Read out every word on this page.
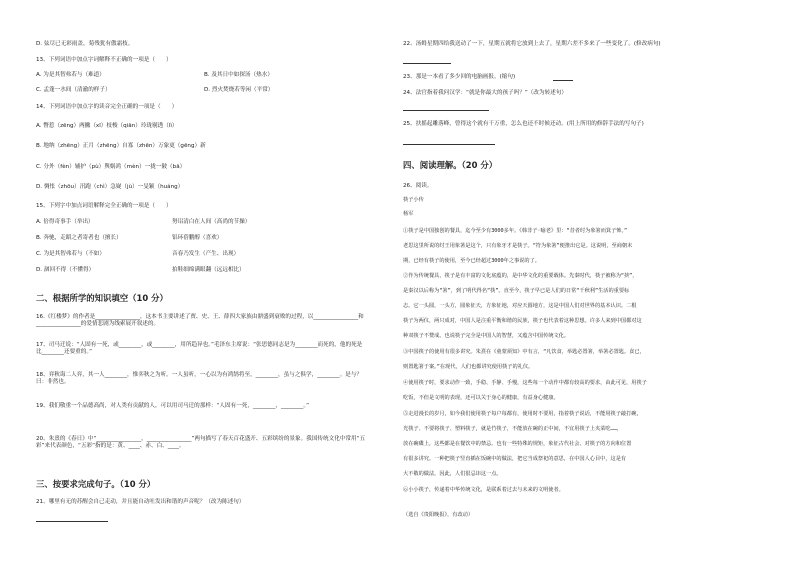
D. 弦尽已无彩雨盖，菊残犹有傲霜枝。
13、下列词语中加点字词解释不正确的一项是（　　）
A. 为是其智弗若与（难道）	B. 及其日中如探汤（热水）
C. 孟蓬一水间（清澈的样子）	D. 烈火焚烧若等闲（平常）
14、下列词语中加点字的读音完全正确的一项是（　　）
A. 瞥惹（zēng）两撇（xī）枝梭（qiān）玲珑剔透（lì）
B. 地纳（zhēng）正月（zhēng）自寡（zhēn）万象更（gēng）新
C. 分外（fèn）辅护（pù）舆娲鸿（mèn）一拢一陂（bā）
D. 惆怅（zhōu）汛跑（chì）急嶷（jù）一旻颖（huáng）
15、下列字中加点词语解释完全正确的一项是（　　）
A. 倍得奇事手（举出）	努诏清白在人间（高尚的节操）
B. 奔驰，走蹈之者寄者也（擅长）	铝环蓓鹏醇（喜欢）
C. 为是其智弗若与（不如）	音春乃发生（产生、出现）
D. 涸回不得（不懂得）	拍鞋细绵满眼翻（远远相比）
二、根据所学的知识填空（10 分）
16.《红楼梦》的作者是________________，这本书主要讲述了贾、史、王、薛四大家族由鼎盛到衰败的过程，以________________和________________的爱情悲剧为线索展开叙述的。
17、司马迁说：“人固有一死，或________，或________，用所趋异也。”毛泽东主席说：“张思德同志是为________而死的，他的死是比________还要重的。”
18、弈秋诲二人弈，其一人________，惟弈秋之为听。一人虽听，一心以为有鸿鹄将至，________，虽与之俱学，________。是与？曰：非然也。
19、我们敬重一个品德高尚，对人类有贡献的人，可以用司马迁的那样：“人固有一死，________，________。”
20、朱熹的《春日》中“________________，________________”两句描写了春天百花盛开、五彩缤纷的景象。我国传统文化中常用“五彩”来代表颜色，“五彩”指的是：黄、____、赤、白、____。
三、按要求完成句子。（10 分）
21、哪里有无的苏醒会自己走动，并且能自动吐发出和谐的声音呢？（改为陈述句）
22、汤姆星期四给我送动了一下，星期五就将它放到上去了，星期六差不多来了一些变化了。(修改病句)
23、那是一本看了多少回的电脑画报。(缩句)
24、法官指着我问汉学：“就是你最大的孩子吗？”（改为转述句）
25、扶摇起雕落峰，曾得这个就有干万重，怎么也还不时候还动。(用上所用的修辞手法的写句子)
四、阅读理解。（20 分）
26、阅读。
筷子小传
杨军
①筷子是中国独创的餐具，迄今至少有3000多年。《韩非子·喻老》里：“昔者纣为象箸而箕子怖。”
老思这里所说的纣王用象箸是这个，只有象牙才是筷子。“符为象箸”便推出它是。这说明，至商朝末
期，已经有筷子的使用，至今已经超过3000年之事说的了。
②作为传统餐具，筷子是有丰富的文化底蕴的，是中华文化的重要载体。先秦时代，筷子被称为“挟”，
是秦汉以后称为“箸”，到了明代得名“筷”。直至今，筷子早已是人们的日常“千秋利”生活的重要标
志。它一头圆，一头方，圆象征天，方象征地，对应天圆地方，这是中国人们对世界的基本认识。二根
筷子为两仪，两只成对，中国人是注重平衡和谐的民族，筷子也代表着这种思想。许多人来到中国都对这
种双筷子不赞成。也说筷子完全是中国人的智慧，又蕴含中国传统文化。
③中国筷子的使用有很多讲究。朱熹在《童蒙须知》中有言，“凡饮食，举匙必置箸，举箸必置匙。食已，
则置匙箸于案。”在现代，人们也都讲究使用筷子的礼仪。
④使用筷子时，要求动作一致，手稳、手静、手慢，这些每一个动作中都有较高的要求，由此可见，用筷子
吃饭，不但是文明的表现，还可以关于身心的健康，有益身心健康。
⑤走进漫长的岁月，如今我们使用筷子每户每都有，使用时不要用，指着筷子说话，不能用筷子敲打碗，
光筷子、不要将筷子、塑料筷子，就是竹筷子，不能放在碗的正中间，不宜用筷子上夹菜吃……，
放在碗碟上，这些都是在餐饮中的禁忌。也有一些特殊的规矩，象征古代社会、对筷子的方向和位置
有很多讲究。一种把筷子竖直插在饭碗中的做法，把它当成祭祀的意思，在中国人心目中，这是有
大不敬的做法，因此，人们很忌讳这一点。
⑥小小筷子，传递着中华传统文化，是联系着过去与未来的文明使者。
（选自《贵阳晚报》，有改动）
